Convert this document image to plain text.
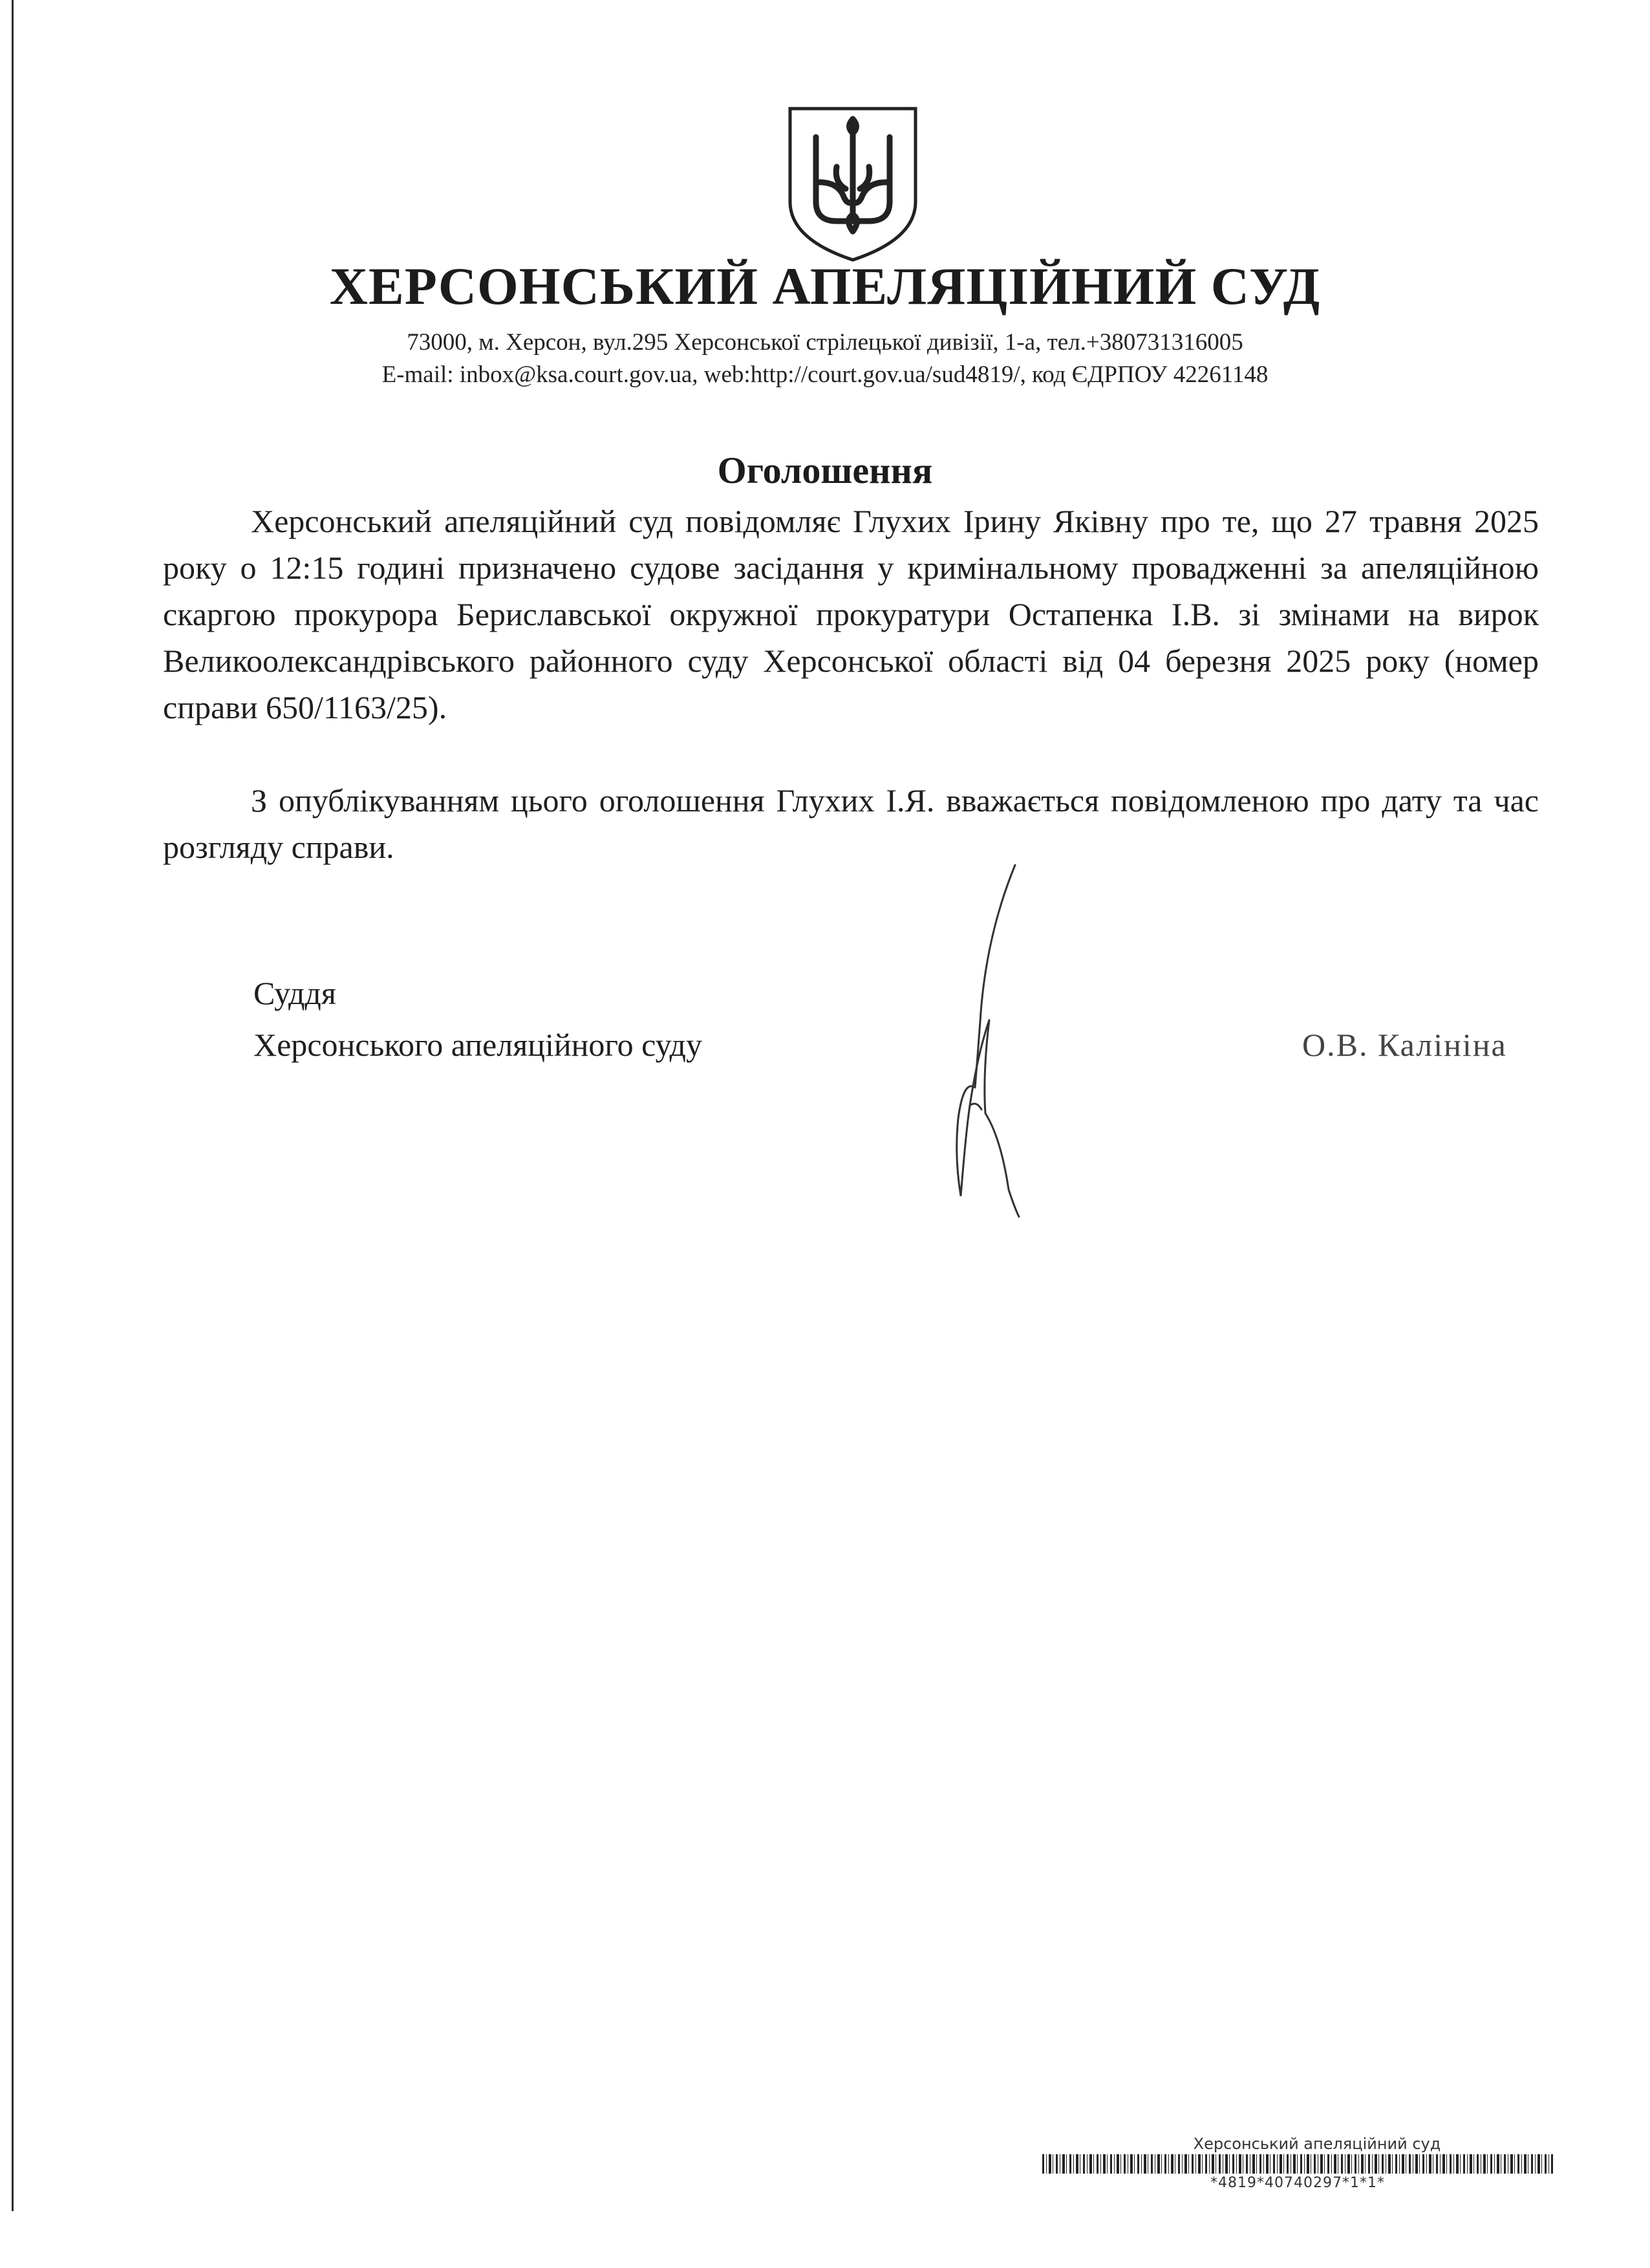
ХЕРСОНСЬКИЙ АПЕЛЯЦІЙНИЙ СУД
73000, м. Херсон, вул.295 Херсонської стрілецької дивізії, 1-а, тел.+380731316005
E-mail: inbox@ksa.court.gov.ua, web:http://court.gov.ua/sud4819/, код ЄДРПОУ 42261148
Оголошення

Херсонський апеляційний суд повідомляє Глухих Ірину Яківну про те, що 27 травня 2025 року о 12:15 годині призначено судове засідання у кримінальному провадженні за апеляційною скаргою прокурора Бериславської окружної прокуратури Остапенка І.В. зі змінами на вирок Великоолександрівського районного суду Херсонської області від 04 березня 2025 року (номер справи 650/1163/25).

З опублікуванням цього оголошення Глухих І.Я. вважається повідомленою про дату та час розгляду справи.

Суддя
Херсонського апеляційного суду	О.В. Калініна
Херсонський апеляційний суд
*4819*40740297*1*1*
